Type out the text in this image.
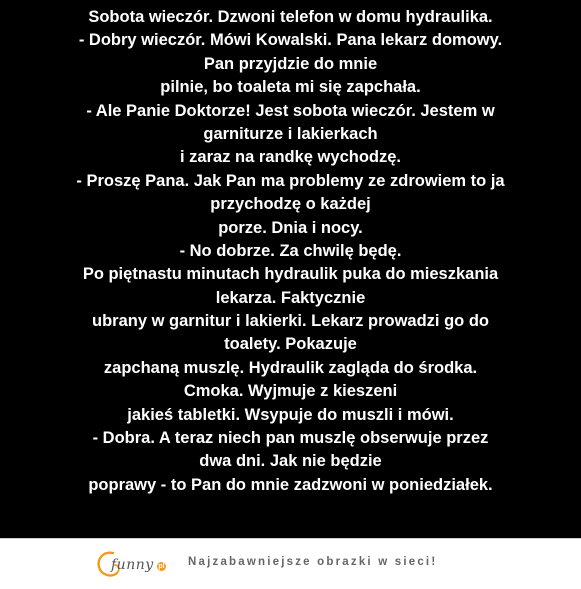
Sobota wieczór. Dzwoni telefon w domu hydraulika.
- Dobry wieczór. Mówi Kowalski. Pana lekarz domowy.
Pan przyjdzie do mnie
pilnie, bo toaleta mi się zapchała.
- Ale Panie Doktorze! Jest sobota wieczór. Jestem w
garniturze i lakierkach
i zaraz na randkę wychodzę.
- Proszę Pana. Jak Pan ma problemy ze zdrowiem to ja
przychodzę o każdej
porze. Dnia i nocy.
- No dobrze. Za chwilę będę.
Po piętnastu minutach hydraulik puka do mieszkania
lekarza. Faktycznie
ubrany w garnitur i lakierki. Lekarz prowadzi go do
toalety. Pokazuje
zapchaną muszlę. Hydraulik zagląda do środka.
Cmoka. Wyjmuje z kieszeni
jakieś tabletki. Wsypuje do muszli i mówi.
- Dobra. A teraz niech pan muszlę obserwuje przez
dwa dni. Jak nie będzie
poprawy - to Pan do mnie zadzwoni w poniedziałek.
funny pl Najzabawniejsze obrazki w sieci!
